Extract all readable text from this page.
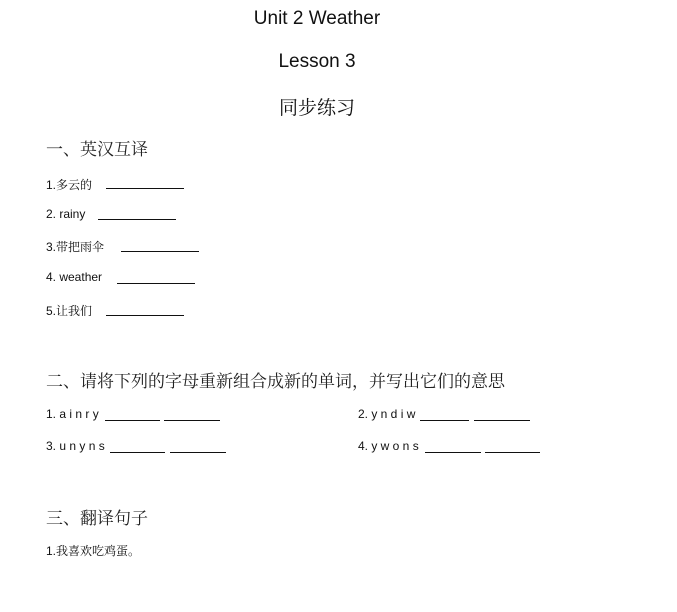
Unit 2 Weather
Lesson 3
同步练习
一、英汉互译
1.多云的
2. rainy
3.带把雨伞
4. weather
5.让我们
二、请将下列的字母重新组合成新的单词，并写出它们的意思
1. a i n r y	2. y n d i w
3. u n y n s	4. y w o n s
三、翻译句子
1.我喜欢吃鸡蛋。
